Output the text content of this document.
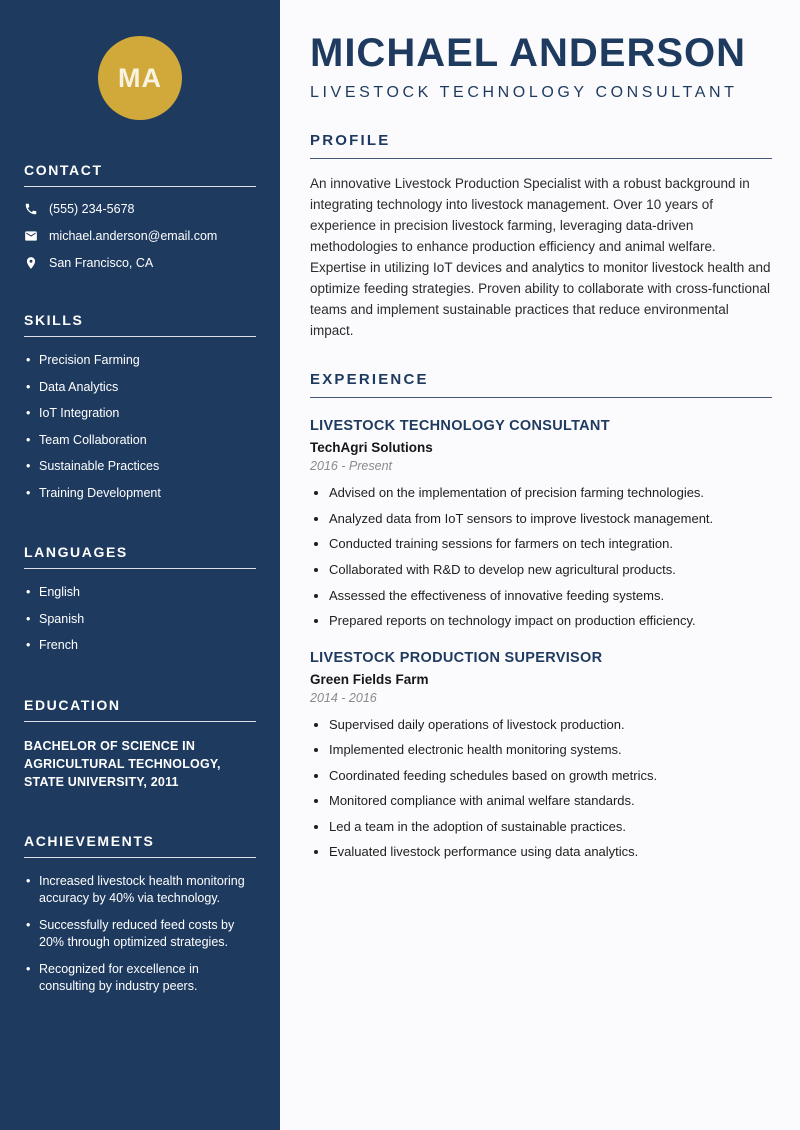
MA
CONTACT
(555) 234-5678
michael.anderson@email.com
San Francisco, CA
SKILLS
• Precision Farming
• Data Analytics
• IoT Integration
• Team Collaboration
• Sustainable Practices
• Training Development
LANGUAGES
• English
• Spanish
• French
EDUCATION
BACHELOR OF SCIENCE IN AGRICULTURAL TECHNOLOGY, STATE UNIVERSITY, 2011
ACHIEVEMENTS
• Increased livestock health monitoring accuracy by 40% via technology.
• Successfully reduced feed costs by 20% through optimized strategies.
• Recognized for excellence in consulting by industry peers.
MICHAEL ANDERSON
LIVESTOCK TECHNOLOGY CONSULTANT
PROFILE

An innovative Livestock Production Specialist with a robust background in integrating technology into livestock management. Over 10 years of experience in precision livestock farming, leveraging data-driven methodologies to enhance production efficiency and animal welfare. Expertise in utilizing IoT devices and analytics to monitor livestock health and optimize feeding strategies. Proven ability to collaborate with cross-functional teams and implement sustainable practices that reduce environmental impact.

EXPERIENCE
LIVESTOCK TECHNOLOGY CONSULTANT
TechAgri Solutions
2016 - Present
• Advised on the implementation of precision farming technologies.
• Analyzed data from IoT sensors to improve livestock management.
• Conducted training sessions for farmers on tech integration.
• Collaborated with R&D to develop new agricultural products.
• Assessed the effectiveness of innovative feeding systems.
• Prepared reports on technology impact on production efficiency.
LIVESTOCK PRODUCTION SUPERVISOR
Green Fields Farm
2014 - 2016
• Supervised daily operations of livestock production.
• Implemented electronic health monitoring systems.
• Coordinated feeding schedules based on growth metrics.
• Monitored compliance with animal welfare standards.
• Led a team in the adoption of sustainable practices.
• Evaluated livestock performance using data analytics.
